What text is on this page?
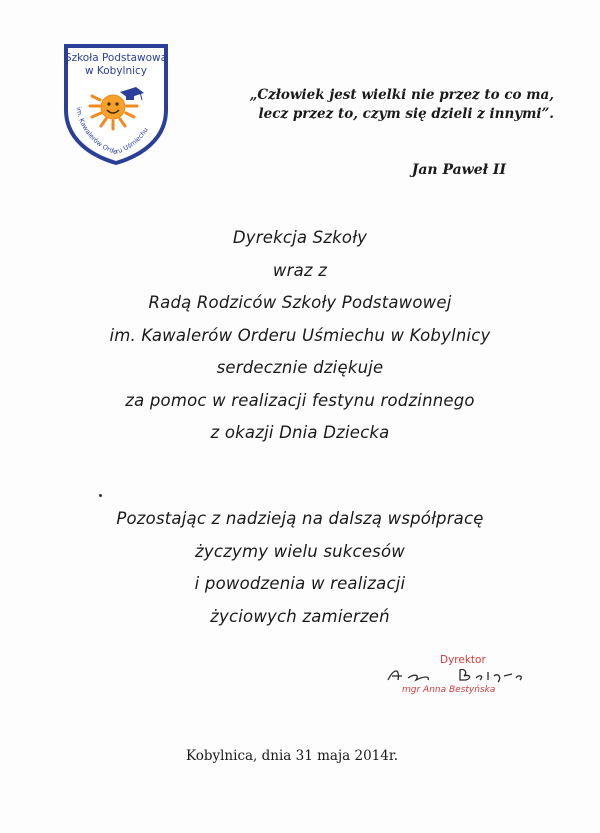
im. Kawalerów Orderu Uśmiechu
Szkoła Podstawowa
w Kobylnicy
„Człowiek jest wielki nie przez to co ma,
lecz przez to, czym się dzieli z innymi”.
Jan Paweł II
Dyrekcja Szkoły
wraz z
Radą Rodziców Szkoły Podstawowej
im. Kawalerów Orderu Uśmiechu w Kobylnicy
serdecznie dziękuje
za pomoc w realizacji festynu rodzinnego
z okazji Dnia Dziecka
Pozostając z nadzieją na dalszą współpracę
życzymy wielu sukcesów
i powodzenia w realizacji
życiowych zamierzeń
Dyrektor
mgr Anna Bestyńska
Kobylnica, dnia 31 maja 2014r.
